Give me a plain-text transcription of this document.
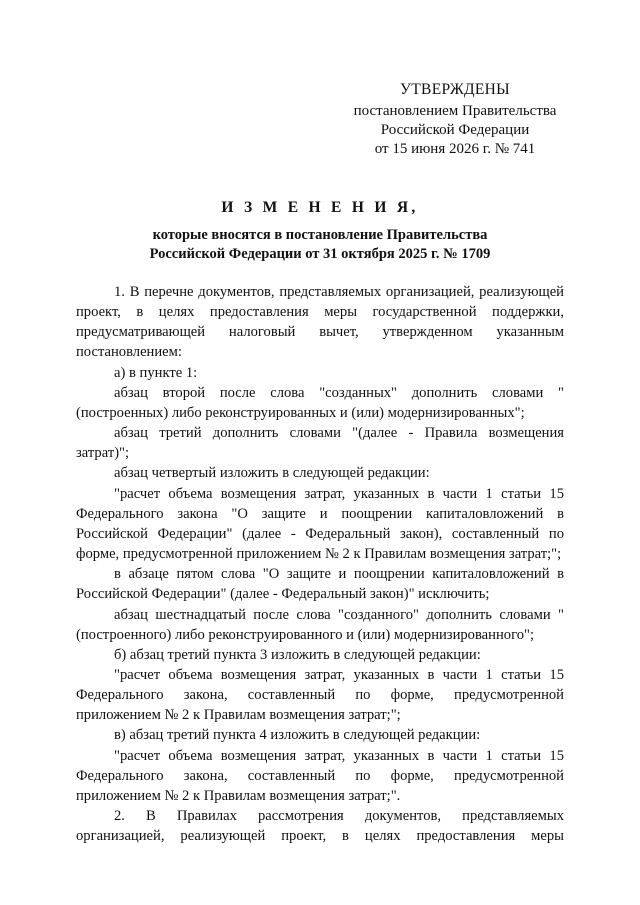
УТВЕРЖДЕНЫ
постановлением Правительства
Российской Федерации
от 15 июня 2026 г. № 741
И З М Е Н Е Н И Я,
которые вносятся в постановление Правительства
Российской Федерации от 31 октября 2025 г. № 1709

1. В перечне документов, представляемых организацией, реализующей проект, в целях предоставления меры государственной поддержки, предусматривающей налоговый вычет, утвержденном указанным постановлением:

а) в пункте 1:

абзац второй после слова "созданных" дополнить словами "(построенных) либо реконструированных и (или) модернизированных";

абзац третий дополнить словами "(далее - Правила возмещения затрат)";

абзац четвертый изложить в следующей редакции:

"расчет объема возмещения затрат, указанных в части 1 статьи 15 Федерального закона "О защите и поощрении капиталовложений в Российской Федерации" (далее - Федеральный закон), составленный по форме, предусмотренной приложением № 2 к Правилам возмещения затрат;";

в абзаце пятом слова "О защите и поощрении капиталовложений в Российской Федерации" (далее - Федеральный закон)" исключить;

абзац шестнадцатый после слова "созданного" дополнить словами "(построенного) либо реконструированного и (или) модернизированного";

б) абзац третий пункта 3 изложить в следующей редакции:

"расчет объема возмещения затрат, указанных в части 1 статьи 15 Федерального закона, составленный по форме, предусмотренной приложением № 2 к Правилам возмещения затрат;";

в) абзац третий пункта 4 изложить в следующей редакции:

"расчет объема возмещения затрат, указанных в части 1 статьи 15 Федерального закона, составленный по форме, предусмотренной приложением № 2 к Правилам возмещения затрат;".

2. В Правилах рассмотрения документов, представляемых организацией, реализующей проект, в целях предоставления меры
